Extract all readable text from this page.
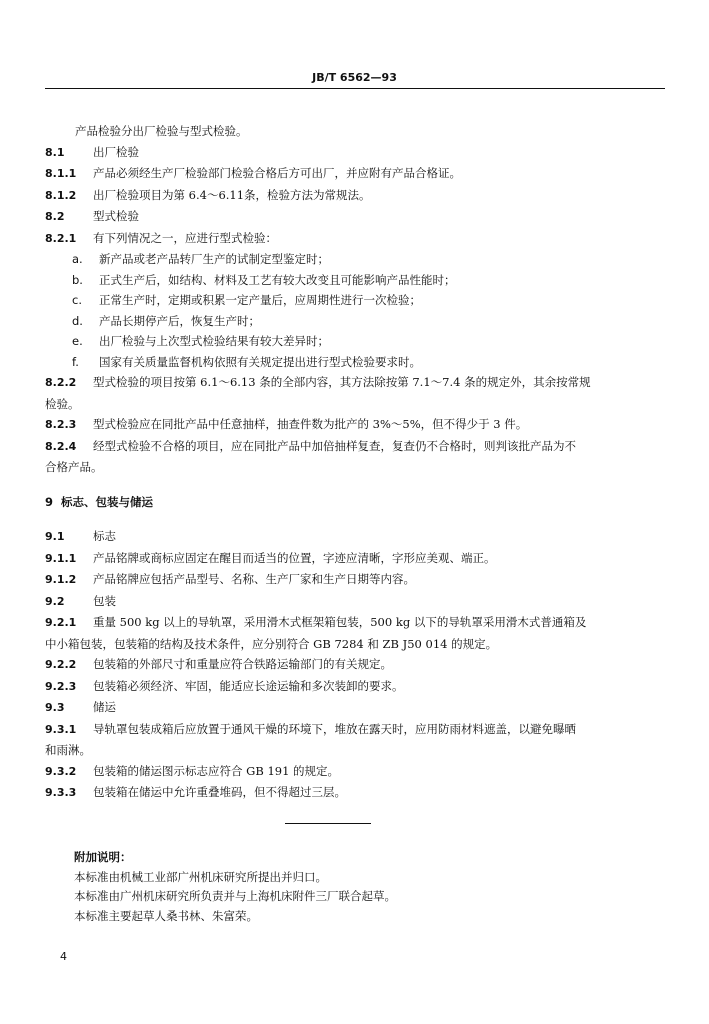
JB/T 6562—93
产品检验分出厂检验与型式检验。
8.1 出厂检验
8.1.1 产品必须经生产厂检验部门检验合格后方可出厂，并应附有产品合格证。
8.1.2 出厂检验项目为第 6.4～6.11条，检验方法为常规法。
8.2 型式检验
8.2.1 有下列情况之一，应进行型式检验：
a. 新产品或老产品转厂生产的试制定型鉴定时；
b. 正式生产后，如结构、材料及工艺有较大改变且可能影响产品性能时；
c. 正常生产时，定期或积累一定产量后，应周期性进行一次检验；
d. 产品长期停产后，恢复生产时；
e. 出厂检验与上次型式检验结果有较大差异时；
f. 国家有关质量监督机构依照有关规定提出进行型式检验要求时。
8.2.2 型式检验的项目按第 6.1～6.13 条的全部内容，其方法除按第 7.1～7.4 条的规定外，其余按常规
检验。
8.2.3 型式检验应在同批产品中任意抽样，抽查件数为批产的 3%～5%，但不得少于 3 件。
8.2.4 经型式检验不合格的项目，应在同批产品中加倍抽样复查，复查仍不合格时，则判该批产品为不
合格产品。
9 标志、包装与储运
9.1 标志
9.1.1 产品铭牌或商标应固定在醒目而适当的位置，字迹应清晰，字形应美观、端正。
9.1.2 产品铭牌应包括产品型号、名称、生产厂家和生产日期等内容。
9.2 包装
9.2.1 重量 500 kg 以上的导轨罩，采用滑木式框架箱包装，500 kg 以下的导轨罩采用滑木式普通箱及
中小箱包装，包装箱的结构及技术条件，应分别符合 GB 7284 和 ZB J50 014 的规定。
9.2.2 包装箱的外部尺寸和重量应符合铁路运输部门的有关规定。
9.2.3 包装箱必须经济、牢固，能适应长途运输和多次装卸的要求。
9.3 储运
9.3.1 导轨罩包装成箱后应放置于通风干燥的环境下，堆放在露天时，应用防雨材料遮盖，以避免曝晒
和雨淋。
9.3.2 包装箱的储运图示标志应符合 GB 191 的规定。
9.3.3 包装箱在储运中允许重叠堆码，但不得超过三层。
附加说明：
本标准由机械工业部广州机床研究所提出并归口。
本标准由广州机床研究所负责并与上海机床附件三厂联合起草。
本标准主要起草人桑书林、朱富荣。
4
